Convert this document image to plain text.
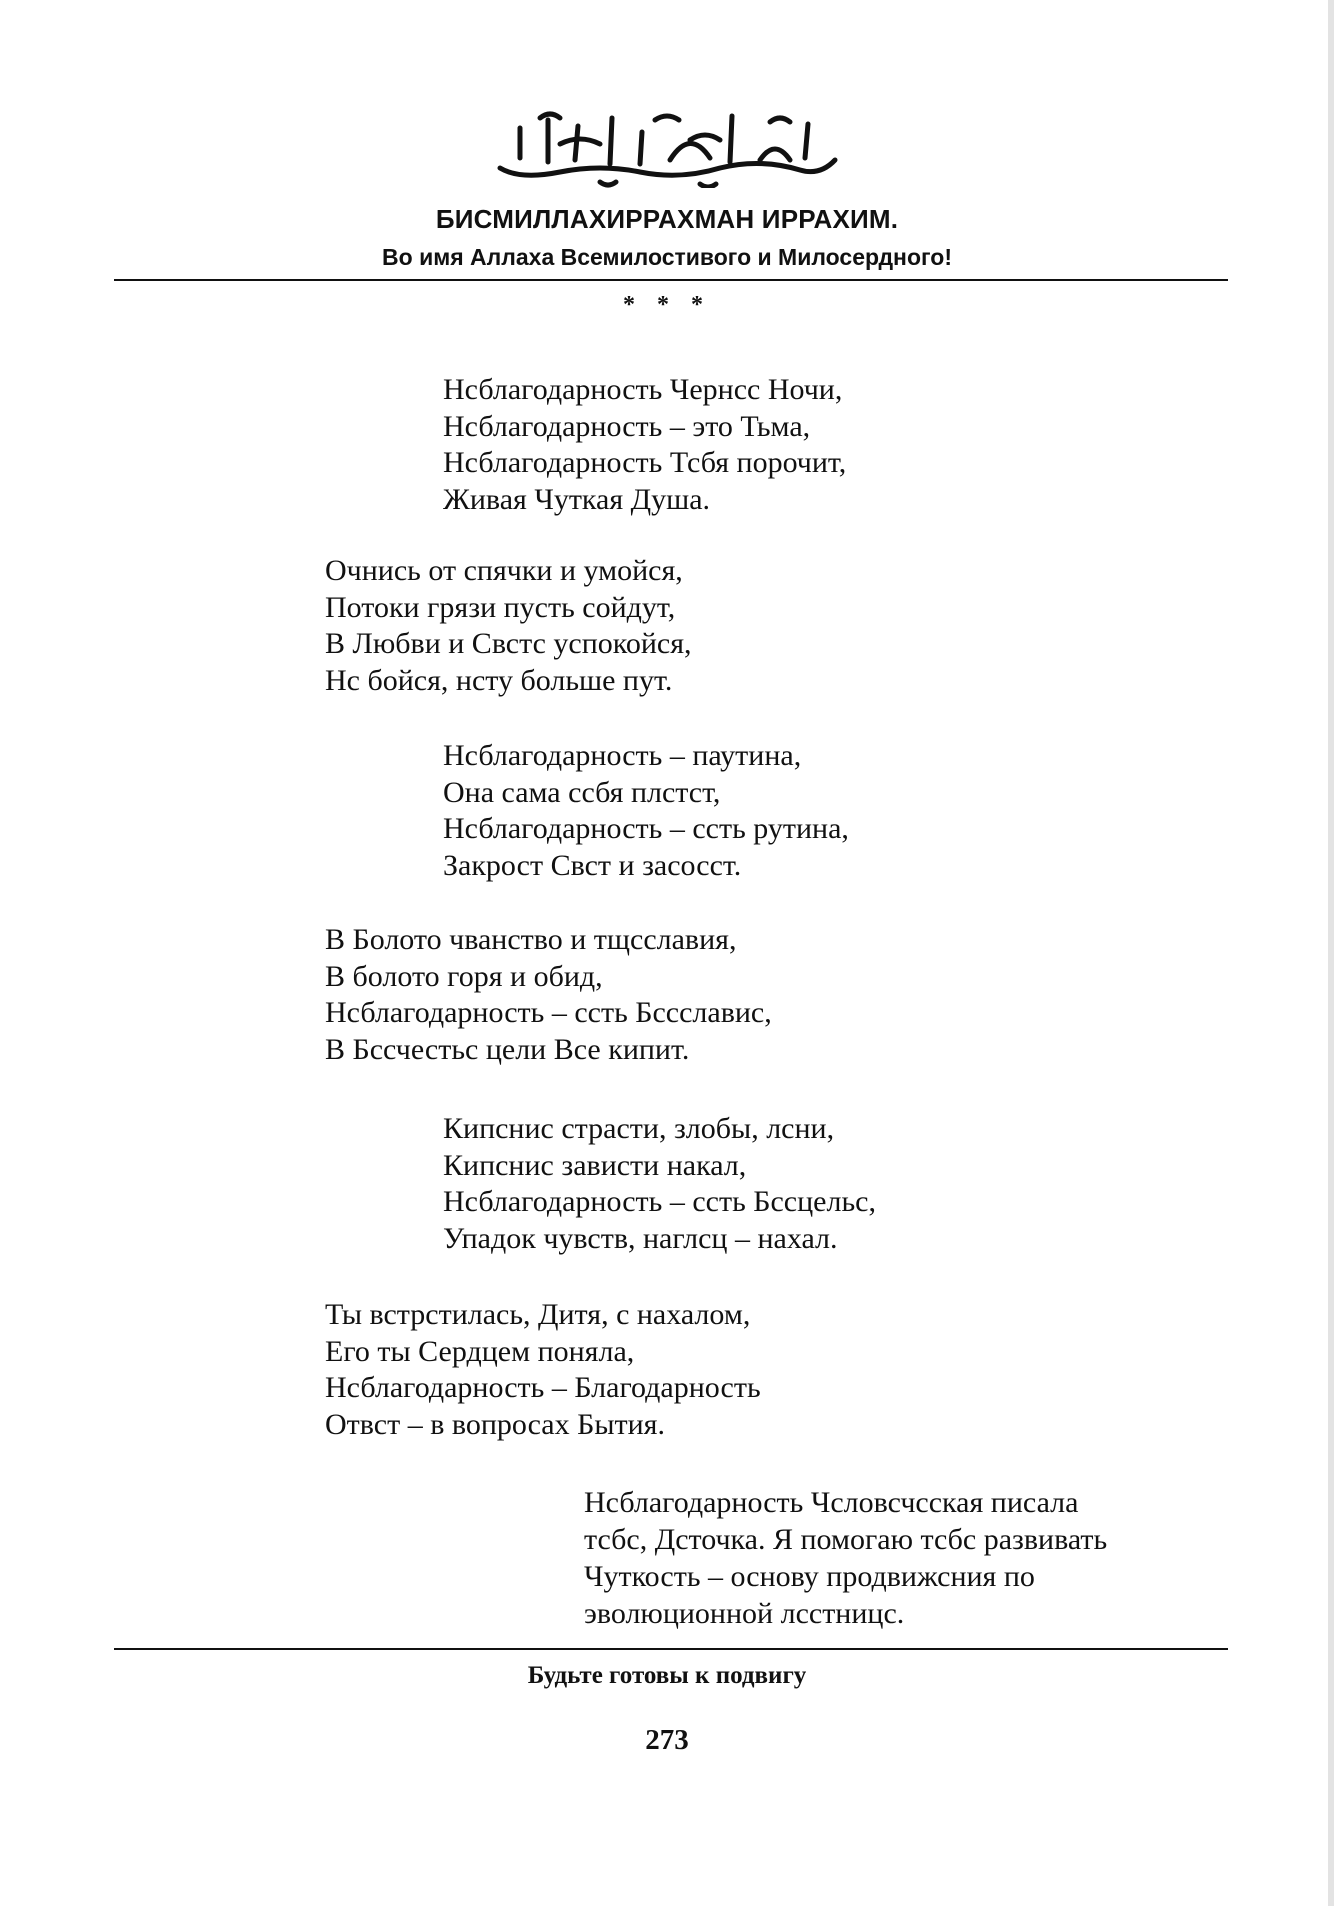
БИСМИЛЛАХИРРАХМАН ИРРАХИМ.
Во имя Аллаха Всемилостивого и Милосердного!
* * *
Нсблагодарность Чернсс Ночи,
Нсблагодарность – это Тьма,
Нсблагодарность Тсбя порочит,
Живая Чуткая Душа.
Очнись от спячки и умойся,
Потоки грязи пусть сойдут,
В Любви и Свстс успокойся,
Нс бойся, нсту больше пут.
Нсблагодарность – паутина,
Она сама ссбя плстст,
Нсблагодарность – ссть рутина,
Закрост Свст и засосст.
В Болото чванство и тщсславия,
В болото горя и обид,
Нсблагодарность – ссть Бссславис,
В Бссчестьс цели Все кипит.
Кипснис страсти, злобы, лсни,
Кипснис зависти накал,
Нсблагодарность – ссть Бссцельс,
Упадок чувств, наглсц – нахал.
Ты встрстилась, Дитя, с нахалом,
Его ты Сердцем поняла,
Нсблагодарность – Благодарность
Отвст – в вопросах Бытия.
Нсблагодарность Чсловсчсская писала
тсбс, Дсточка. Я помогаю тсбс развивать
Чуткость – основу продвижсния по
эволюционной лсстницс.
Будьте готовы к подвигу
273
